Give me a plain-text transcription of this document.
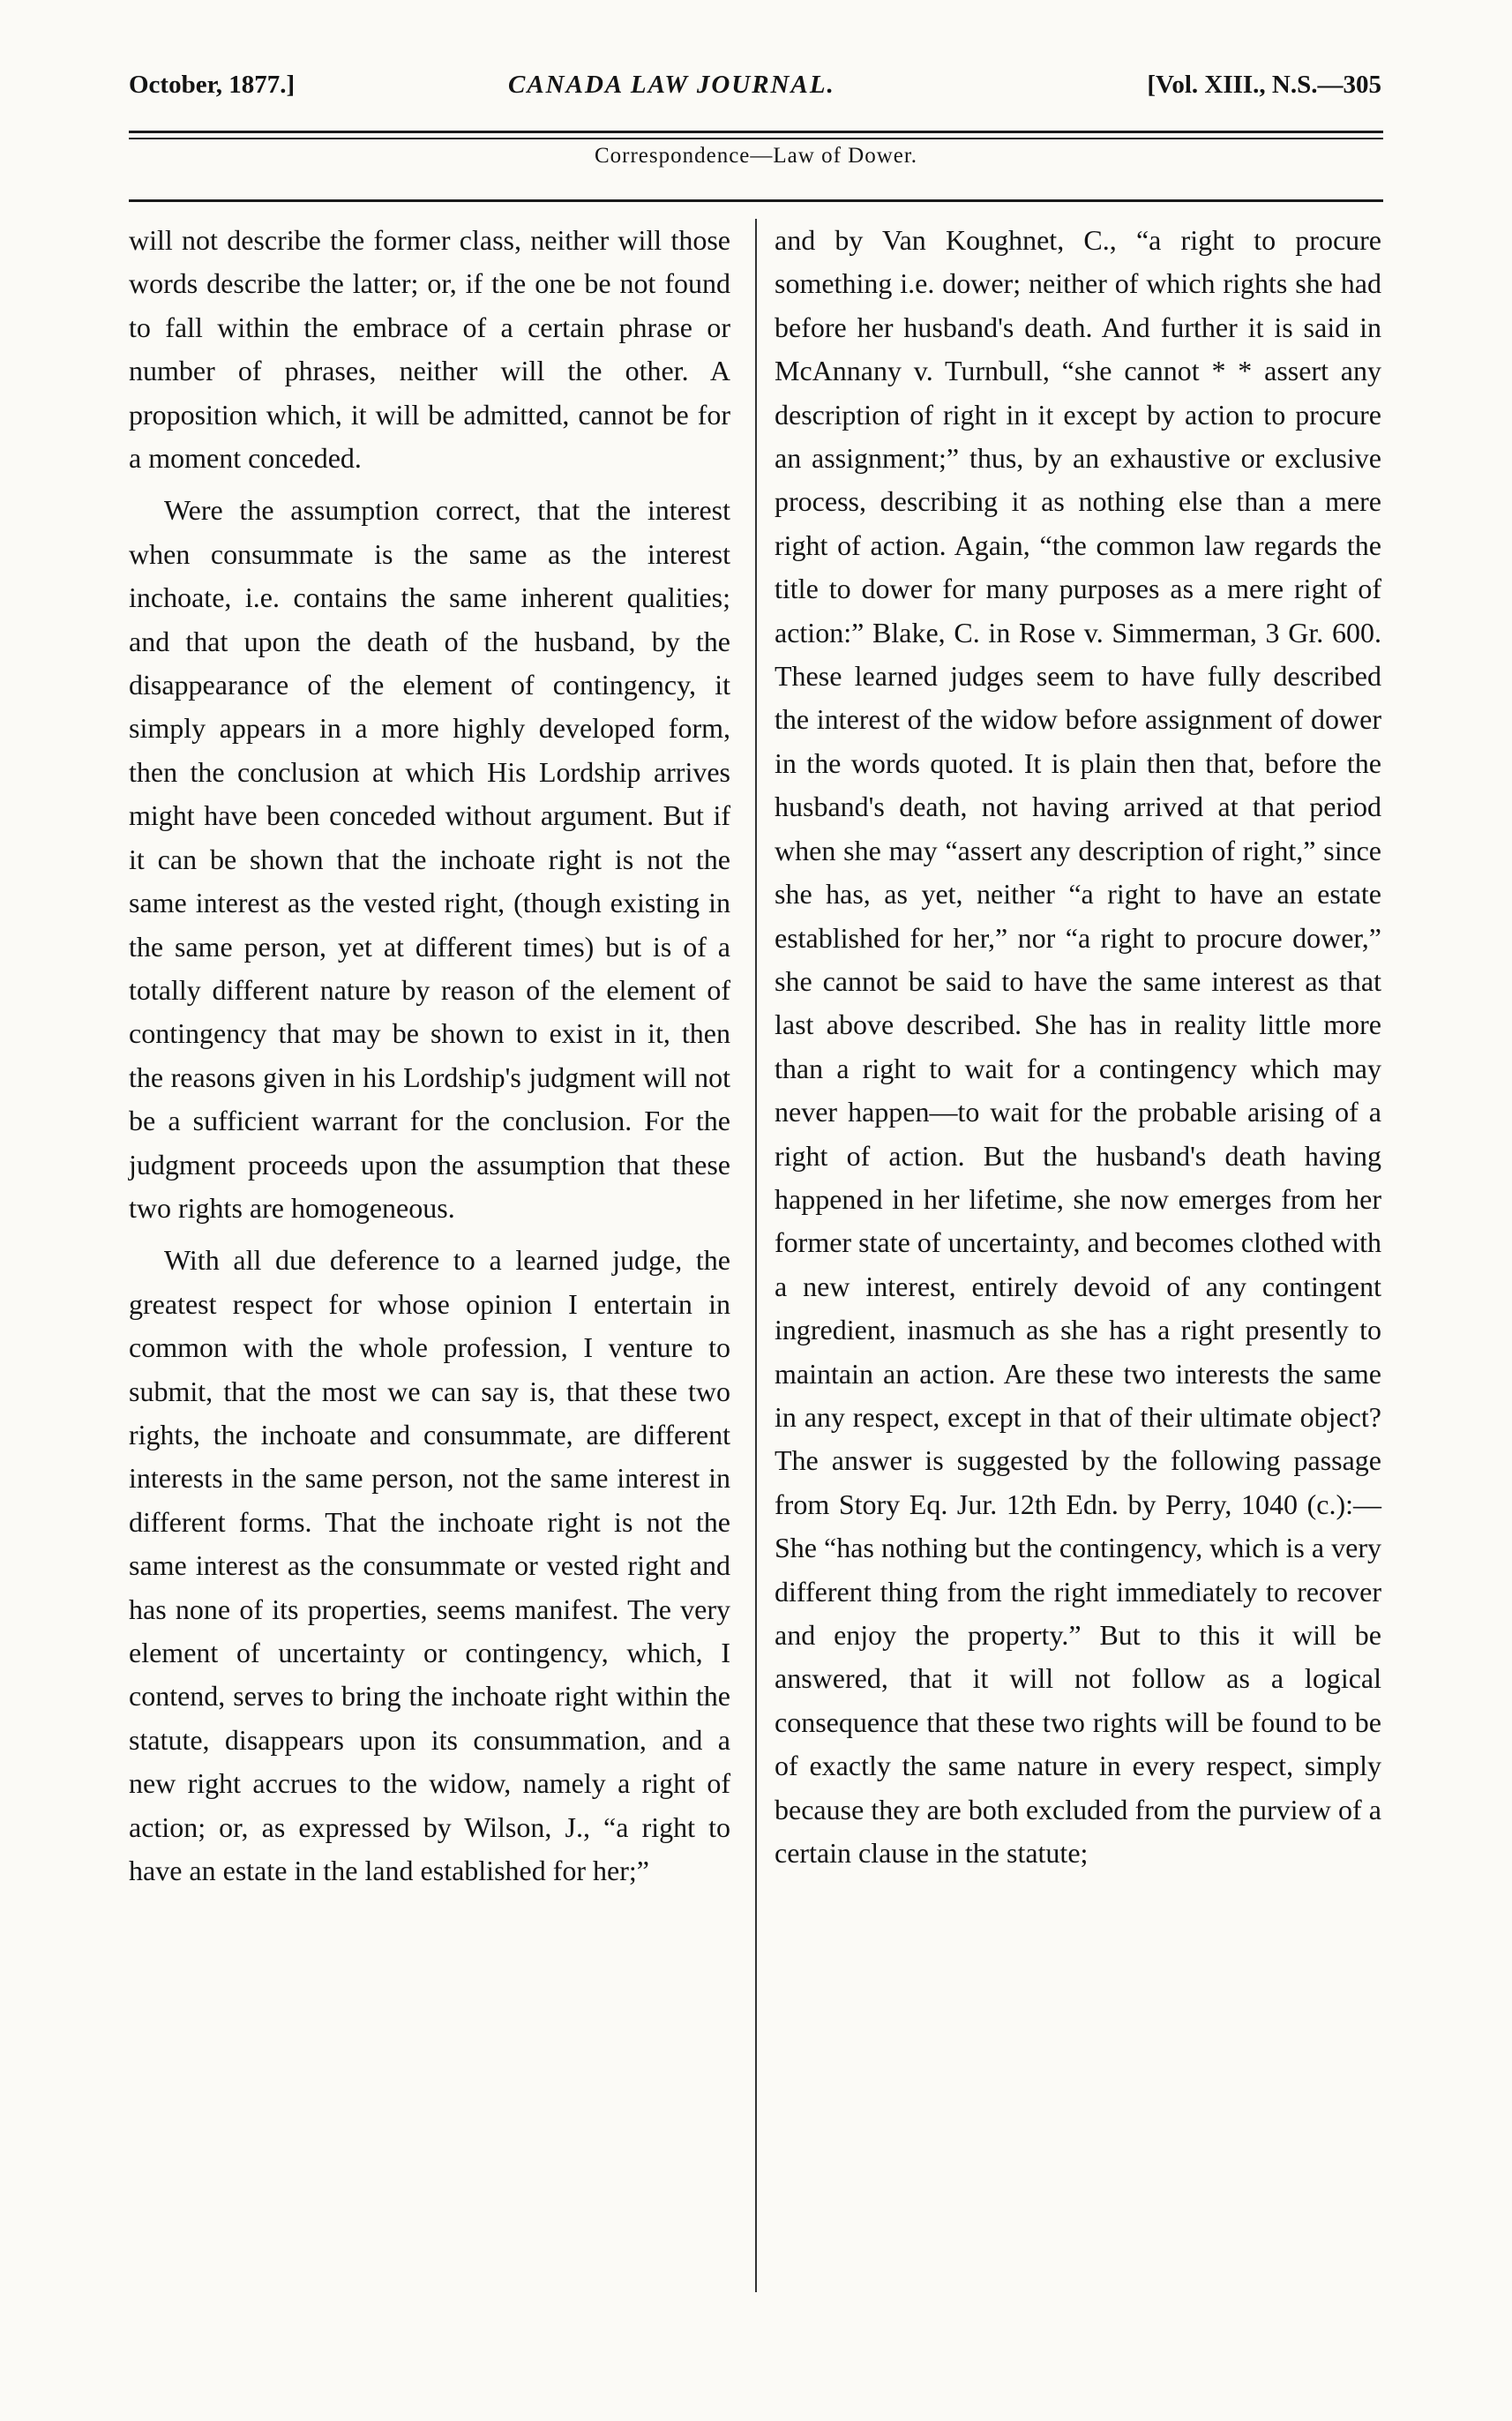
October, 1877.]	CANADA LAW JOURNAL.	[Vol. XIII., N.S.—305
Correspondence—Law of Dower.

will not describe the former class, neither will those words describe the latter; or, if the one be not found to fall within the embrace of a certain phrase or number of phrases, neither will the other. A proposition which, it will be admitted, cannot be for a moment conceded.

Were the assumption correct, that the interest when consummate is the same as the interest inchoate, i.e. contains the same inherent qualities; and that upon the death of the husband, by the disappearance of the element of contingency, it simply appears in a more highly developed form, then the conclusion at which His Lordship arrives might have been conceded without argument. But if it can be shown that the inchoate right is not the same interest as the vested right, (though existing in the same person, yet at different times) but is of a totally different nature by reason of the element of contingency that may be shown to exist in it, then the reasons given in his Lordship's judgment will not be a sufficient warrant for the conclusion. For the judgment proceeds upon the assumption that these two rights are homogeneous.

With all due deference to a learned judge, the greatest respect for whose opinion I entertain in common with the whole profession, I venture to submit, that the most we can say is, that these two rights, the inchoate and consummate, are different interests in the same person, not the same interest in different forms. That the inchoate right is not the same interest as the consummate or vested right and has none of its properties, seems manifest. The very element of uncertainty or contingency, which, I contend, serves to bring the inchoate right within the statute, disappears upon its consummation, and a new right accrues to the widow, namely a right of action; or, as expressed by Wilson, J., “a right to have an estate in the land established for her;”

and by Van Koughnet, C., “a right to procure something i.e. dower; neither of which rights she had before her husband's death. And further it is said in McAnnany v. Turnbull, “she cannot * * assert any description of right in it except by action to procure an assignment;” thus, by an exhaustive or exclusive process, describing it as nothing else than a mere right of action. Again, “the common law regards the title to dower for many purposes as a mere right of action:” Blake, C. in Rose v. Simmerman, 3 Gr. 600. These learned judges seem to have fully described the interest of the widow before assignment of dower in the words quoted. It is plain then that, before the husband's death, not having arrived at that period when she may “assert any description of right,” since she has, as yet, neither “a right to have an estate established for her,” nor “a right to procure dower,” she cannot be said to have the same interest as that last above described. She has in reality little more than a right to wait for a contingency which may never happen—to wait for the probable arising of a right of action. But the husband's death having happened in her lifetime, she now emerges from her former state of uncertainty, and becomes clothed with a new interest, entirely devoid of any contingent ingredient, inasmuch as she has a right presently to maintain an action. Are these two interests the same in any respect, except in that of their ultimate object? The answer is suggested by the following passage from Story Eq. Jur. 12th Edn. by Perry, 1040 (c.):—She “has nothing but the contingency, which is a very different thing from the right immediately to recover and enjoy the property.” But to this it will be answered, that it will not follow as a logical consequence that these two rights will be found to be of exactly the same nature in every respect, simply because they are both excluded from the purview of a certain clause in the statute;
